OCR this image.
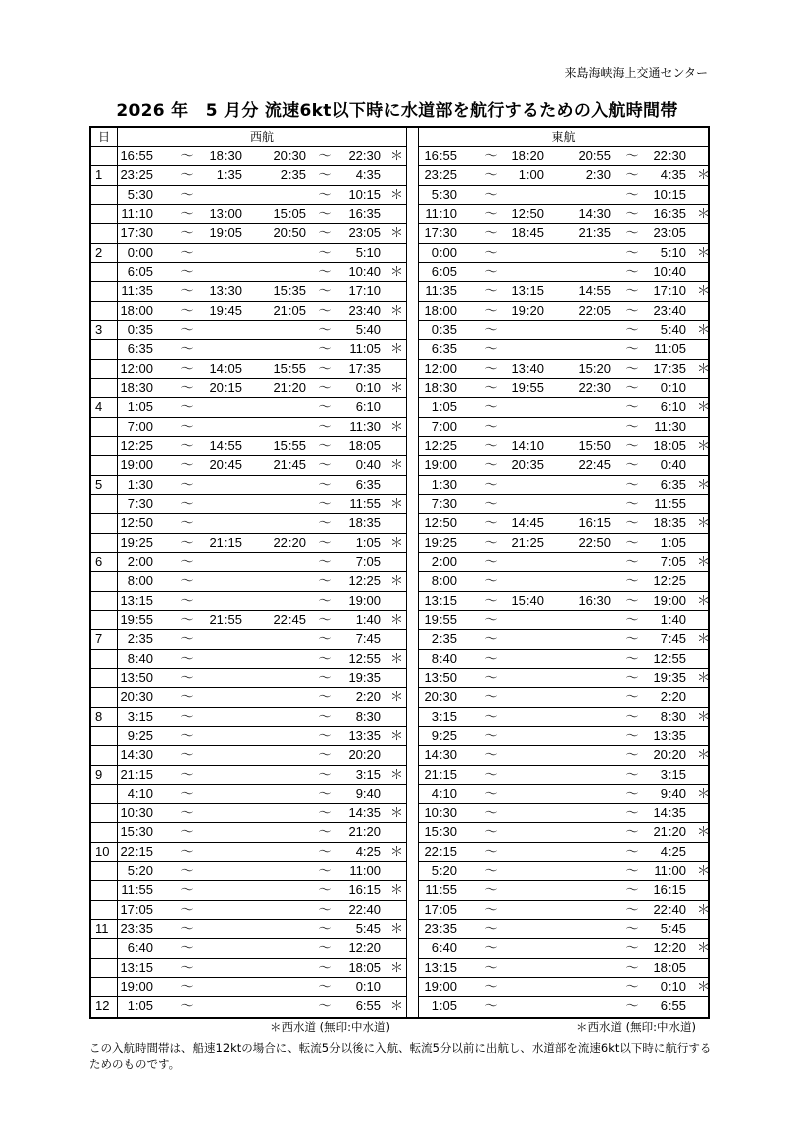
来島海峡海上交通センター
2026 年　5 月分 流速6kt以下時に水道部を航行するための入航時間帯
日	西航	東航
16:55 ～	18:30	20:30 ～	22:30 ＊ 16:55 ～	18:20	20:55 ～	22:30
1	23:25 ～	1:35	2:35 ～	4:35	23:25 ～	1:00	2:30 ～	4:35 ＊
5:30 ～	～	10:15 ＊	5:30 ～	～	10:15
11:10 ～	13:00	15:05 ～	16:35	11:10 ～	12:50	14:30 ～	16:35 ＊
17:30 ～	19:05	20:50 ～	23:05 ＊ 17:30 ～	18:45	21:35 ～	23:05
2	0:00 ～	～	5:10	0:00 ～	～	5:10 ＊
6:05 ～	～	10:40 ＊	6:05 ～	～	10:40
11:35 ～	13:30	15:35 ～	17:10	11:35 ～	13:15	14:55 ～	17:10 ＊
18:00 ～	19:45	21:05 ～	23:40 ＊ 18:00 ～	19:20	22:05 ～	23:40
3	0:35 ～	～	5:40	0:35 ～	～	5:40 ＊
6:35 ～	～	11:05 ＊	6:35 ～	～	11:05
12:00 ～	14:05	15:55 ～	17:35	12:00 ～	13:40	15:20 ～	17:35 ＊
18:30 ～	20:15	21:20 ～	0:10 ＊ 18:30 ～	19:55	22:30 ～	0:10
4	1:05 ～	～	6:10	1:05 ～	～	6:10 ＊
7:00 ～	～	11:30 ＊	7:00 ～	～	11:30
12:25 ～	14:55	15:55 ～	18:05	12:25 ～	14:10	15:50 ～	18:05 ＊
19:00 ～	20:45	21:45 ～	0:40 ＊ 19:00 ～	20:35	22:45 ～	0:40
5	1:30 ～	～	6:35	1:30 ～	～	6:35 ＊
7:30 ～	～	11:55 ＊	7:30 ～	～	11:55
12:50 ～	～	18:35	12:50 ～	14:45	16:15 ～	18:35 ＊
19:25 ～	21:15	22:20 ～	1:05 ＊ 19:25 ～	21:25	22:50 ～	1:05
6	2:00 ～	～	7:05	2:00 ～	～	7:05 ＊
8:00 ～	～	12:25 ＊	8:00 ～	～	12:25
13:15 ～	～	19:00	13:15 ～	15:40	16:30 ～	19:00 ＊
19:55 ～	21:55	22:45 ～	1:40 ＊ 19:55 ～	～	1:40
7	2:35 ～	～	7:45	2:35 ～	～	7:45 ＊
8:40 ～	～	12:55 ＊	8:40 ～	～	12:55
13:50 ～	～	19:35	13:50 ～	～	19:35 ＊
20:30 ～	～	2:20 ＊ 20:30 ～	～	2:20
8	3:15 ～	～	8:30	3:15 ～	～	8:30 ＊
9:25 ～	～	13:35 ＊	9:25 ～	～	13:35
14:30 ～	～	20:20	14:30 ～	～	20:20 ＊
9	21:15 ～	～	3:15 ＊ 21:15 ～	～	3:15
4:10 ～	～	9:40	4:10 ～	～	9:40 ＊
10:30 ～	～	14:35 ＊ 10:30 ～	～	14:35
15:30 ～	～	21:20	15:30 ～	～	21:20 ＊
10 22:15 ～	～	4:25 ＊ 22:15 ～	～	4:25
5:20 ～	～	11:00	5:20 ～	～	11:00 ＊
11:55 ～	～	16:15 ＊ 11:55 ～	～	16:15
17:05 ～	～	22:40	17:05 ～	～	22:40 ＊
11 23:35 ～	～	5:45 ＊ 23:35 ～	～	5:45
6:40 ～	～	12:20	6:40 ～	～	12:20 ＊
13:15 ～	～	18:05 ＊ 13:15 ～	～	18:05
19:00 ～	～	0:10	19:00 ～	～	0:10 ＊
12	1:05 ～	～	6:55 ＊	1:05 ～	～	6:55
＊西水道 (無印:中水道)	＊西水道 (無印:中水道)
この入航時間帯は、船速12ktの場合に、転流5分以後に入航、転流5分以前に出航し、水道部を流速6kt以下時に航行するためのものです。
